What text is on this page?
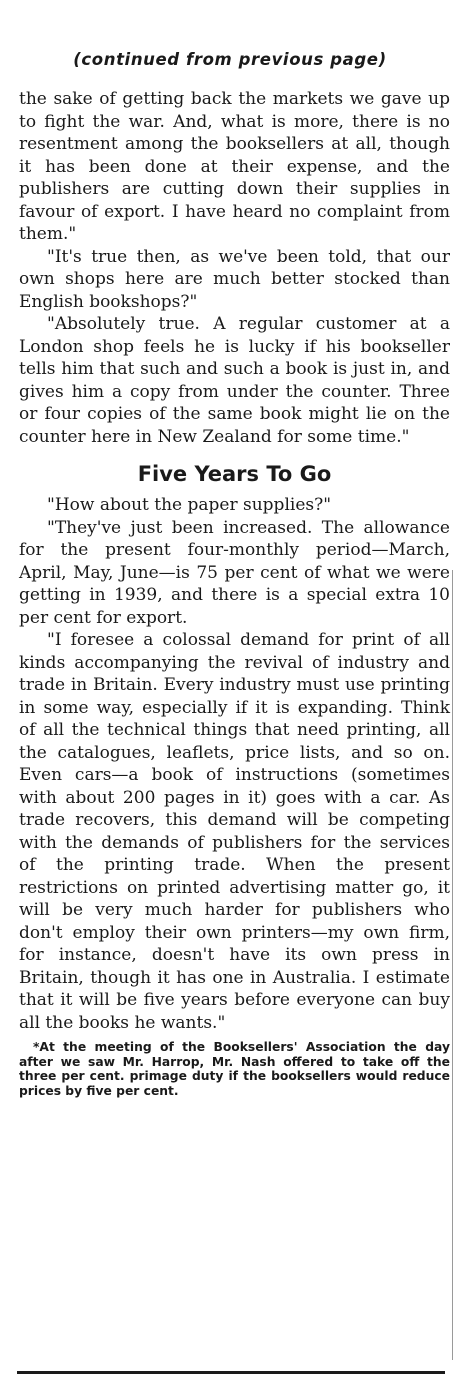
(continued from previous page)

the sake of getting back the markets we gave up to fight the war. And, what is more, there is no resentment among the booksellers at all, though it has been done at their expense, and the publishers are cutting down their supplies in favour of export. I have heard no complaint from them."

"It's true then, as we've been told, that our own shops here are much better stocked than English bookshops?"

"Absolutely true. A regular customer at a London shop feels he is lucky if his bookseller tells him that such and such a book is just in, and gives him a copy from under the counter. Three or four copies of the same book might lie on the counter here in New Zealand for some time."

Five Years To Go

"How about the paper supplies?"

"They've just been increased. The allowance for the present four-monthly period—March, April, May, June—is 75 per cent of what we were getting in 1939, and there is a special extra 10 per cent for export.

"I foresee a colossal demand for print of all kinds accompanying the revival of industry and trade in Britain. Every industry must use printing in some way, especially if it is expanding. Think of all the technical things that need printing, all the catalogues, leaflets, price lists, and so on. Even cars—a book of instructions (sometimes with about 200 pages in it) goes with a car. As trade recovers, this demand will be competing with the demands of publishers for the services of the printing trade. When the present restrictions on printed advertising matter go, it will be very much harder for publishers who don't employ their own printers—my own firm, for instance, doesn't have its own press in Britain, though it has one in Australia. I estimate that it will be five years before everyone can buy all the books he wants."

*At the meeting of the Booksellers' Association the day after we saw Mr. Harrop, Mr. Nash offered to take off the three per cent. primage duty if the booksellers would reduce prices by five per cent.
